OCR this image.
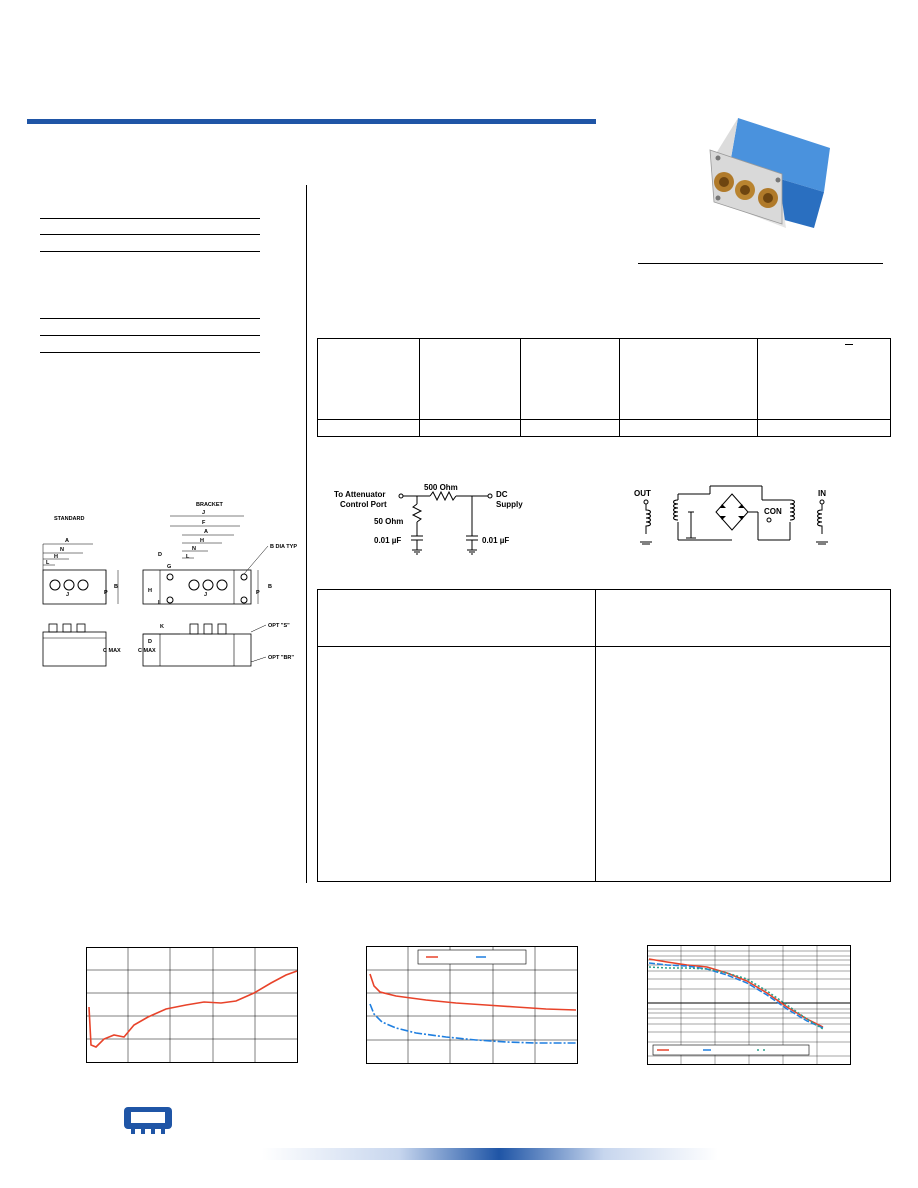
To Attenuator
Control Port
500 Ohm
DC
Supply
50 Ohm
0.01 µF	0.01 µF
OUT	IN
CON
STANDARD
BRACKET
A
N
H
L
J	P
B
C MAX
J
F
A
H
N
L
D
G
H
I
D
J	P
B
B DIA TYP
K
C MAX
OPT "S"
OPT "BR"
